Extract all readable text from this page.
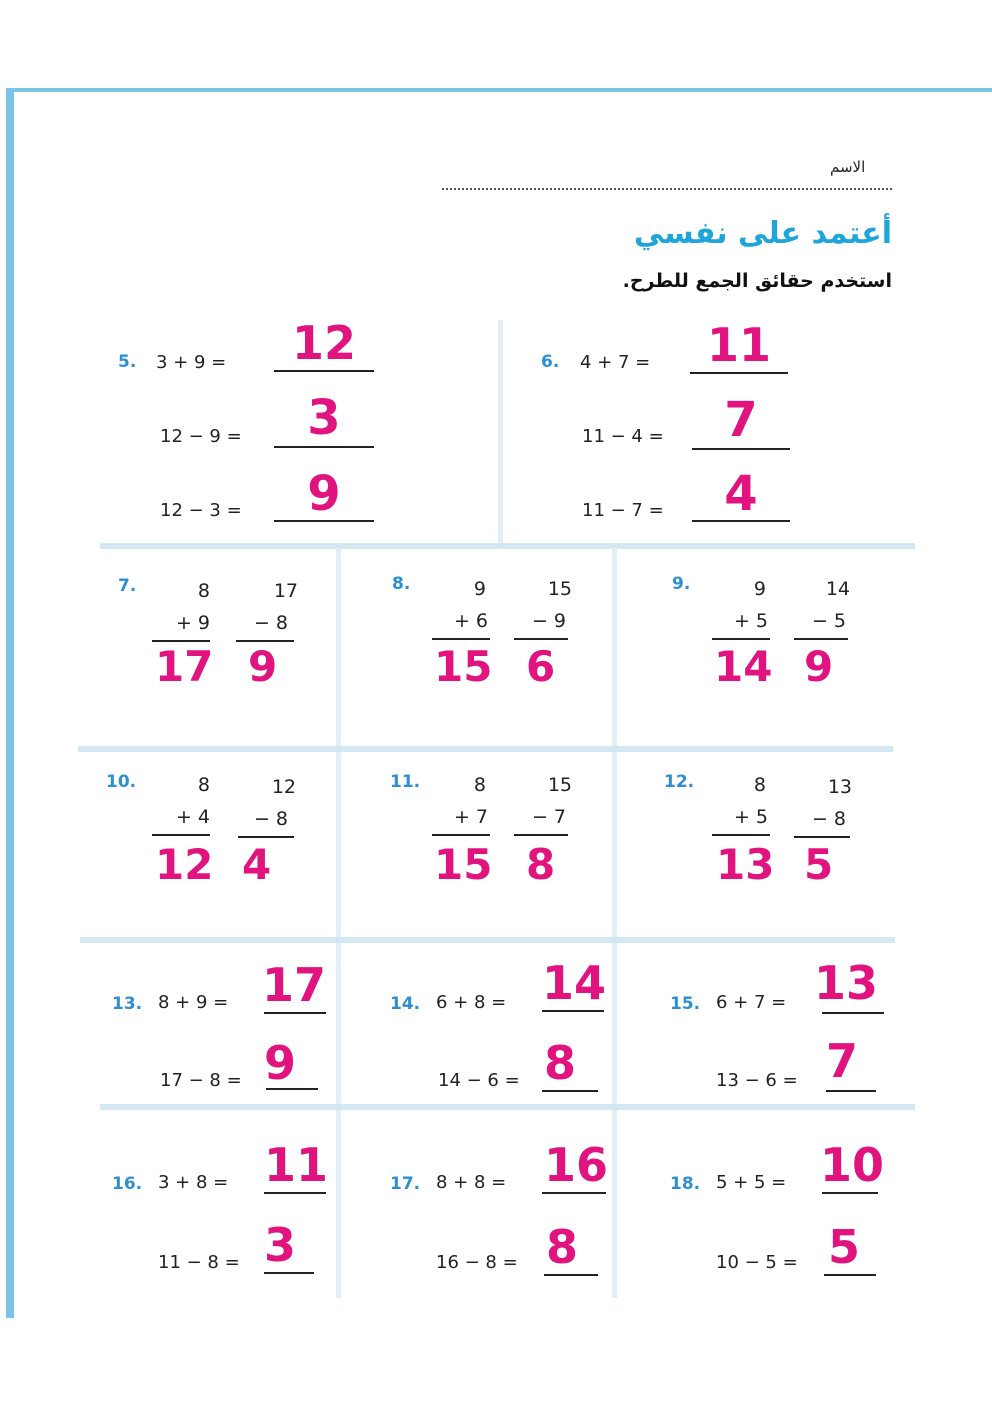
الاسم
أعتمد على نفسي
استخدم حقائق الجمع للطرح.
5. 3 + 9 =	12
12 − 9 =	3
12 − 3 =	9
6. 4 + 7 =	11
11 − 4 =	7
11 − 7 =	4
7.	8
+ 9
17
17
− 8
9
8.	9
+ 6
15
15
− 9
6
9.	9
+ 5
14
14
− 5
9
10.	8
+ 4
12
12
− 8
4
11.	8
+ 7
15
15
− 7
8
12.	8
+ 5
13
13
− 8
5
13. 8 + 9 = 17
17 − 8 = 9
14. 6 + 8 = 14
14 − 6 = 8
15. 6 + 7 = 13
13 − 6 = 7
16. 3 + 8 = 11
11 − 8 = 3
17. 8 + 8 = 16
16 − 8 = 8
18. 5 + 5 = 10
10 − 5 = 5
